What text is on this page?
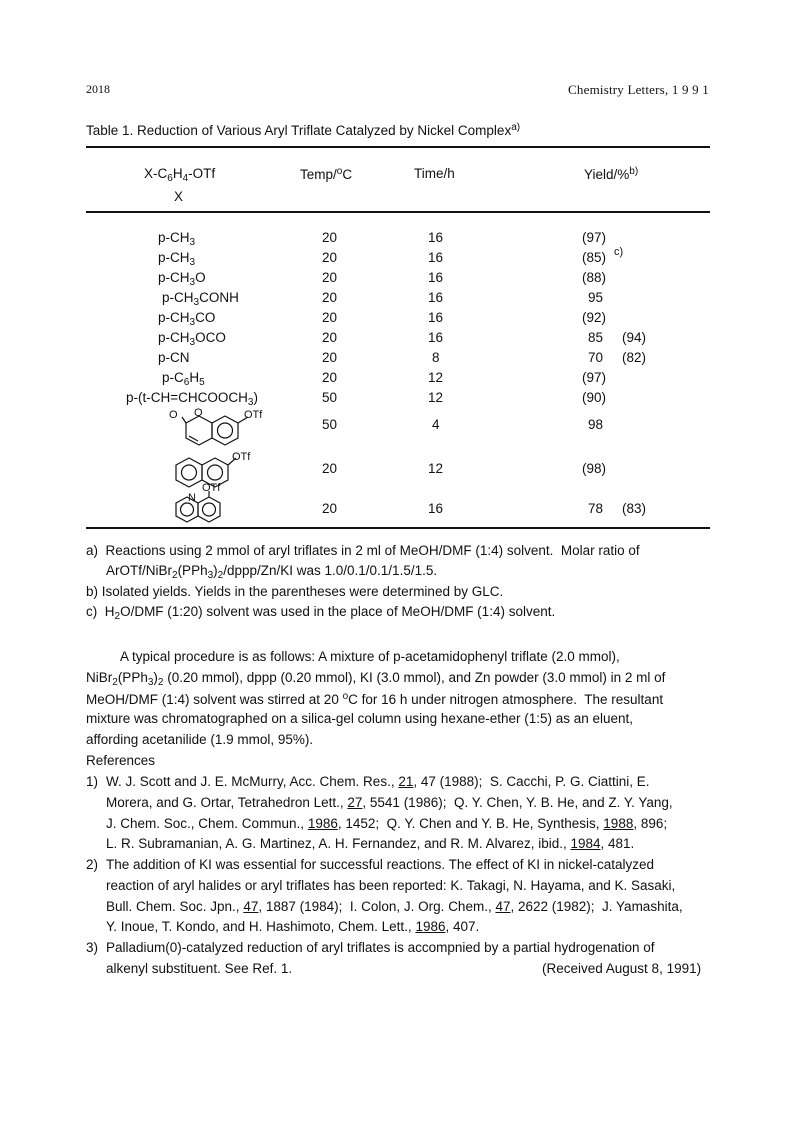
2018	Chemistry Letters, 1 9 9 1
Table 1. Reduction of Various Aryl Triflate Catalyzed by Nickel Complex$^{a)}$
$X-C_6H_4$-OTf
X
Temp/$^o$C	Time/h	Yield/%$^{b)}$
$p-CH_3$	20	16	(97)
$p-CH_3$	20	16	(85) c)
$p-CH_3O$	20	16	(88)
$p-CH_3CONH$	20	16	95
$p-CH_3CO$	20	16	(92)
$p-CH_3OCO$	20	16	85 (94)
p-CN	20	8	70 (82)
$p-C_6H_5$	20	12	(97)
$p-(t-CH=CHCOOCH_3)$	50	12	(90)
O O	OTf
50	4	98
OTf
20	12	(98)
N
OTf
20	16	78 (83)
a)  Reactions using 2 mmol of aryl triflates in 2 ml of MeOH/DMF (1:4) solvent.  Molar ratio of
ArOTf/$NiBr_2(PPh_3)_2/dppp/Zn/KI$ was 1.0/0.1/0.1/1.5/1.5.
b) Isolated yields. Yields in the parentheses were determined by GLC.
c)  $H_2O$/DMF (1:20) solvent was used in the place of MeOH/DMF (1:4) solvent.
A typical procedure is as follows: A mixture of p-acetamidophenyl triflate (2.0 mmol),
$NiBr_2(PPh_3)_2$ (0.20 mmol), dppp (0.20 mmol), KI (3.0 mmol), and Zn powder (3.0 mmol) in 2 ml of
MeOH/DMF (1:4) solvent was stirred at 20 $^o$C for 16 h under nitrogen atmosphere.  The resultant
mixture was chromatographed on a silica-gel column using hexane-ether (1:5) as an eluent,
affording acetanilide (1.9 mmol, 95%).
References
1) W. J. Scott and J. E. McMurry, Acc. Chem. Res., 21, 47 (1988);  S. Cacchi, P. G. Ciattini, E.
Morera, and G. Ortar, Tetrahedron Lett., 27, 5541 (1986);  Q. Y. Chen, Y. B. He, and Z. Y. Yang,
J. Chem. Soc., Chem. Commun., 1986, 1452;  Q. Y. Chen and Y. B. He, Synthesis, 1988, 896;
L. R. Subramanian, A. G. Martinez, A. H. Fernandez, and R. M. Alvarez, ibid., 1984, 481.
2) The addition of KI was essential for successful reactions. The effect of KI in nickel-catalyzed
reaction of aryl halides or aryl triflates has been reported: K. Takagi, N. Hayama, and K. Sasaki,
Bull. Chem. Soc. Jpn., 47, 1887 (1984);  I. Colon, J. Org. Chem., 47, 2622 (1982);  J. Yamashita,
Y. Inoue, T. Kondo, and H. Hashimoto, Chem. Lett., 1986, 407.
3) Palladium(0)-catalyzed reduction of aryl triflates is accompnied by a partial hydrogenation of
alkenyl substituent. See Ref. 1.	(Received August 8, 1991)
